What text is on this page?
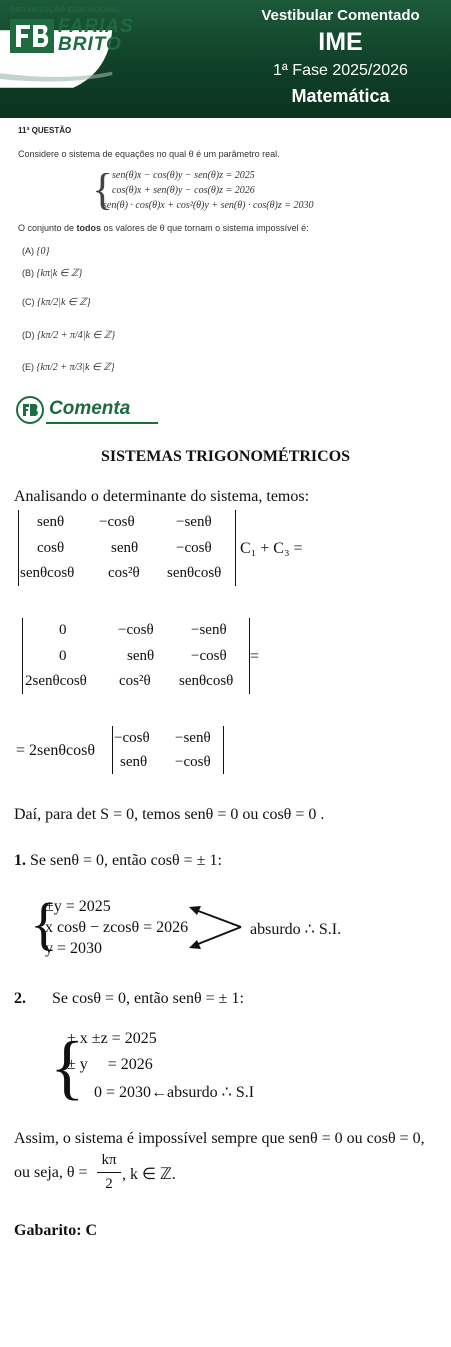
ORGANIZAÇÃO EDUCACIONAL
FARIAS
BRITO
Vestibular Comentado
IME
1ª Fase 2025/2026
Matemática
11ª QUESTÃO
Considere o sistema de equações no qual θ é um parâmetro real.
{
sen(θ)x − cos(θ)y − sen(θ)z = 2025
cos(θ)x + sen(θ)y − cos(θ)z = 2026
sen(θ) · cos(θ)x + cos²(θ)y + sen(θ) · cos(θ)z = 2030
O conjunto de todos os valores de θ que tornam o sistema impossível é:
(A) {0}
(B) {kπ|k ∈ ℤ}
(C) {kπ/2|k ∈ ℤ}
(D) {kπ/2 + π/4|k ∈ ℤ}
(E) {kπ/2 + π/3|k ∈ ℤ}
Comenta
SISTEMAS TRIGONOMÉTRICOS
Analisando o determinante do sistema, temos:
senθ −cosθ	−senθ
cosθ	senθ	−cosθ
senθcosθ cos²θ senθcosθ
C₁ + C₃ =
0	−cosθ −senθ
0	senθ −cosθ
2senθcosθ cos²θ senθcosθ
=
= 2senθcosθ
−cosθ −senθ
senθ −cosθ
Daí, para det S = 0, temos senθ = 0 ou cosθ = 0 .
1. Se senθ = 0, então cosθ = ± 1:
{
±y = 2025
x cosθ − zcosθ = 2026
y = 2030
absurdo ∴ S.I.
2. Se cosθ = 0, então senθ = ± 1:
{
± x ±z = 2025
± y     = 2026
0 = 2030←absurdo ∴ S.I
Assim, o sistema é impossível sempre que senθ = 0 ou cosθ = 0,
ou seja, θ =
kπ
2
, k ∈ ℤ.
Gabarito: C
